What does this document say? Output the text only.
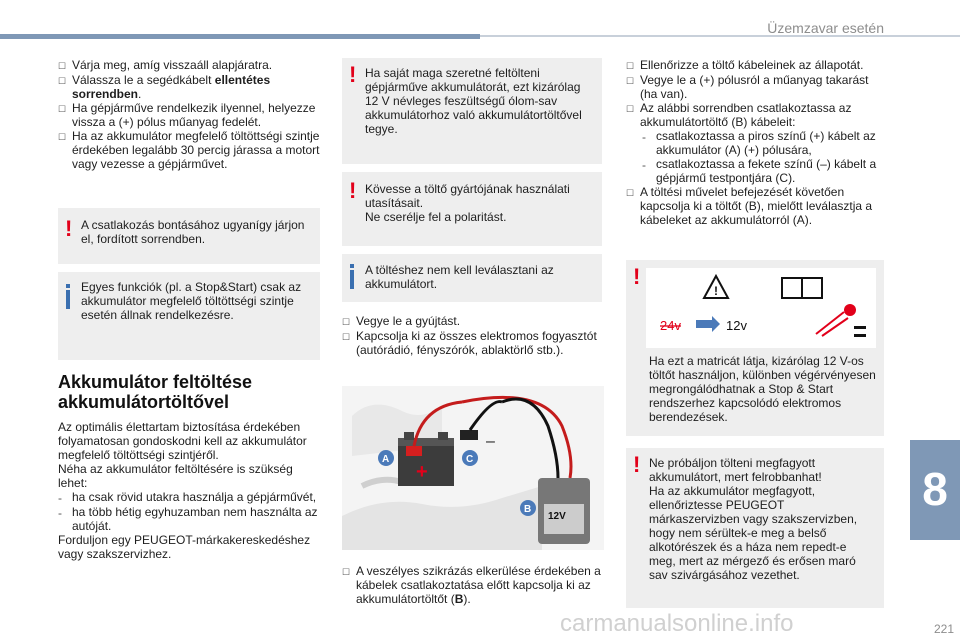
Üzemzavar esetén
☐ Várja meg, amíg visszaáll alapjáratra.
☐ Válassza le a segédkábelt ellentétes sorrendben.
☐ Ha gépjárműve rendelkezik ilyennel, helyezze vissza a (+) pólus műanyag fedelét.
☐ Ha az akkumulátor megfelelő töltöttségi szintje érdekében legalább 30 percig járassa a motort vagy vezesse a gépjárművet.
! A csatlakozás bontásához ugyanígy járjon el, fordított sorrendben.
Egyes funkciók (pl. a Stop&Start) csak az akkumulátor megfelelő töltöttségi szintje esetén állnak rendelkezésre.
Akkumulátor feltöltése akkumulátortöltővel
Az optimális élettartam biztosítása érdekében folyamatosan gondoskodni kell az akkumulátor megfelelő töltöttségi szintjéről.
Néha az akkumulátor feltöltésére is szükség lehet:
- ha csak rövid utakra használja a gépjárművét,
- ha több hétig egyhuzamban nem használta az autóját.
Forduljon egy PEUGEOT-márkakereskedéshez vagy szakszervizhez.
! Ha saját maga szeretné feltölteni gépjárműve akkumulátorát, ezt kizárólag 12 V névleges feszültségű ólom-sav akkumulátorhoz való akkumulátortöltővel tegye.
! Kövesse a töltő gyártójának használati utasításait.
Ne cserélje fel a polaritást.
A töltéshez nem kell leválasztani az akkumulátort.
☐ Vegye le a gyújtást.
☐ Kapcsolja ki az összes elektromos fogyasztót (autórádió, fényszórók, ablaktörlő stb.).
+
–
12V
A	C
B
☐ A veszélyes szikrázás elkerülése érdekében a kábelek csatlakoztatása előtt kapcsolja ki az akkumulátortöltőt (B).
☐ Ellenőrizze a töltő kábeleinek az állapotát.
☐ Vegye le a (+) pólusról a műanyag takarást (ha van).
☐ Az alábbi sorrendben csatlakoztassa az akkumulátortöltő (B) kábeleit:
- csatlakoztassa a piros színű (+) kábelt az akkumulátor (A) (+) pólusára,
- csatlakoztassa a fekete színű (–) kábelt a gépjármű testpontjára (C).
☐ A töltési művelet befejezését követően kapcsolja ki a töltőt (B), mielőtt leválasztja a kábeleket az akkumulátorról (A).
!
!
24v	12v
Ha ezt a matricát látja, kizárólag 12 V-os töltőt használjon, különben végérvényesen megrongálódhatnak a Stop & Start rendszerhez kapcsolódó elektromos berendezések.
! Ne próbáljon tölteni megfagyott akkumulátort, mert felrobbanhat!
Ha az akkumulátor megfagyott, ellenőriztesse PEUGEOT márkaszervizben vagy szakszervizben, hogy nem sérültek-e meg a belső alkotórészek és a háza nem repedt-e meg, mert az mérgező és erősen maró sav szivárgásához vezethet.
8
carmanualsonline.info	221
